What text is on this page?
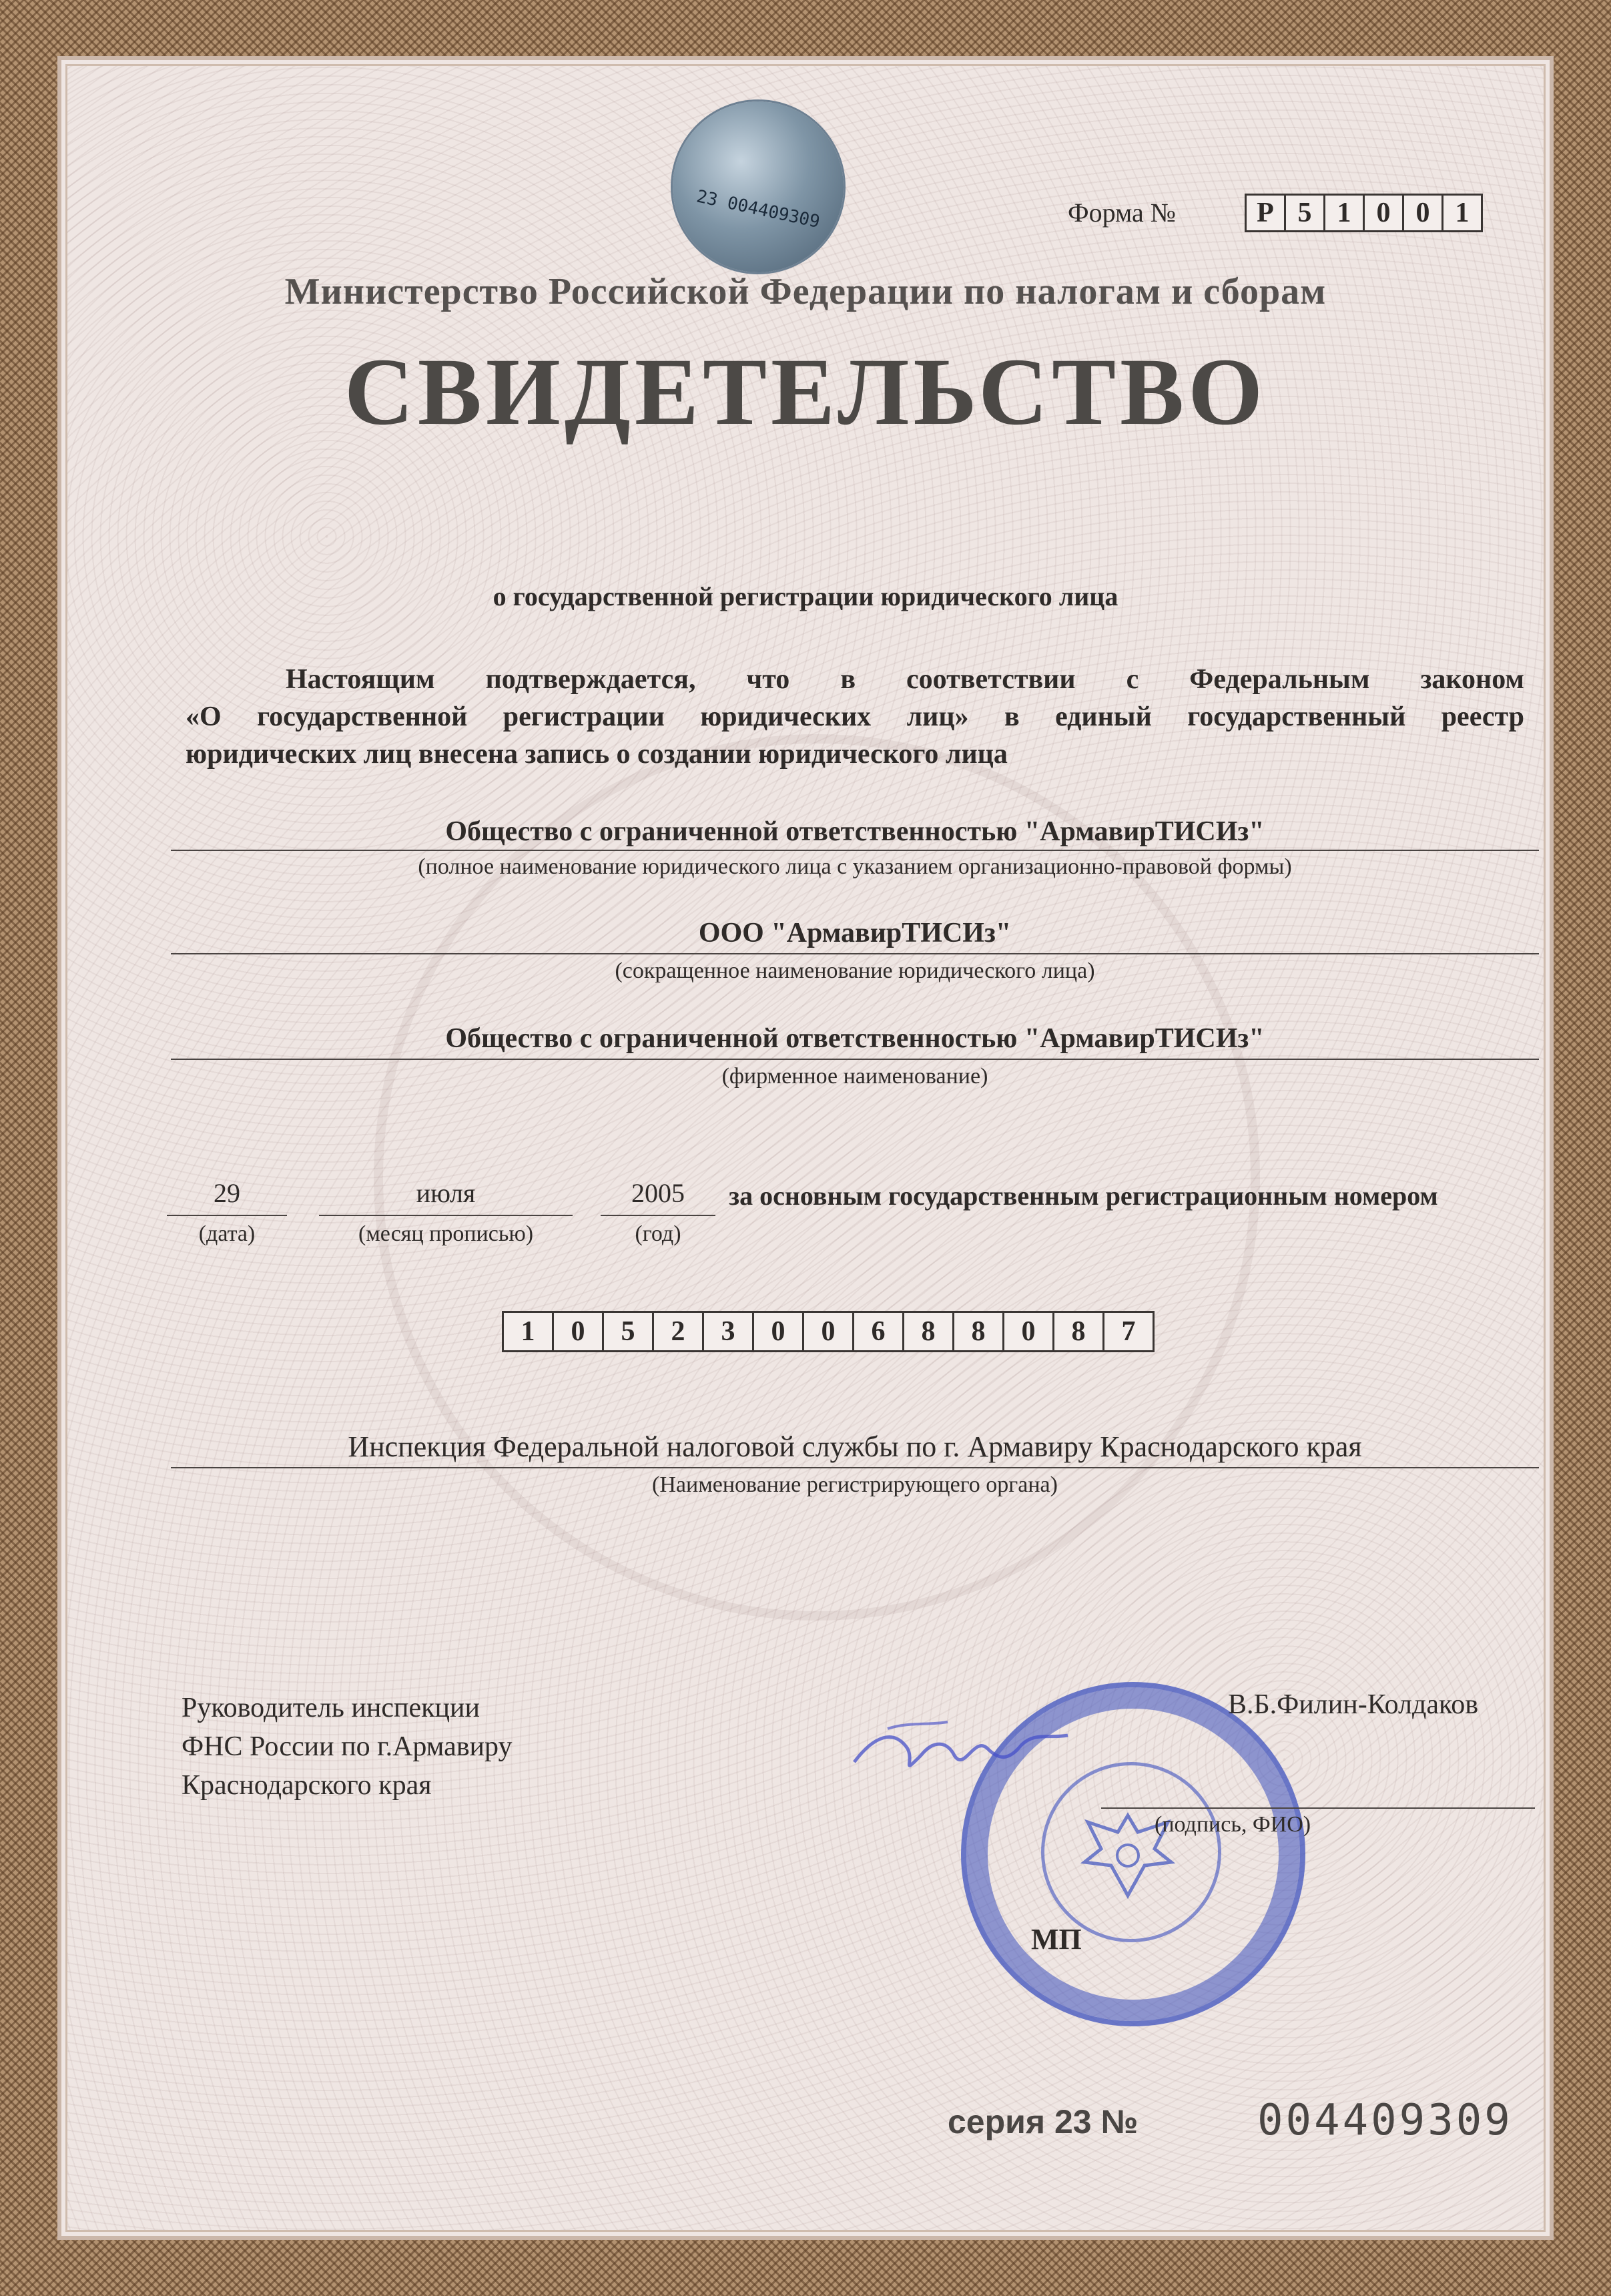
23 004409309	Форма №	Р 5 1 0 0 1
Министерство Российской Федерации по налогам и сборам
СВИДЕТЕЛЬСТВО
о государственной регистрации юридического лица

Настоящим подтверждается, что в соответствии с Федеральным законом

«О государственной регистрации юридических лиц» в единый государственный реестр

юридических лиц внесена запись о создании юридического лица

Общество с ограниченной ответственностью "АрмавирТИСИз"
(полное наименование юридического лица с указанием организационно-правовой формы)
ООО "АрмавирТИСИз"
(сокращенное наименование юридического лица)
Общество с ограниченной ответственностью "АрмавирТИСИз"
(фирменное наименование)
29
(дата)
июля
(месяц прописью)
2005
(год)
за основным государственным регистрационным номером
1	0	5	2	3	0	0	6	8	8	0	8	7
Инспекция Федеральной налоговой службы по г. Армавиру Краснодарского края
(Наименование регистрирующего органа)
Руководитель инспекции
ФНС России по г.Армавиру
Краснодарского края
В.Б.Филин-Колдаков
(подпись, ФИО)
МП
серия 23 №	004409309
